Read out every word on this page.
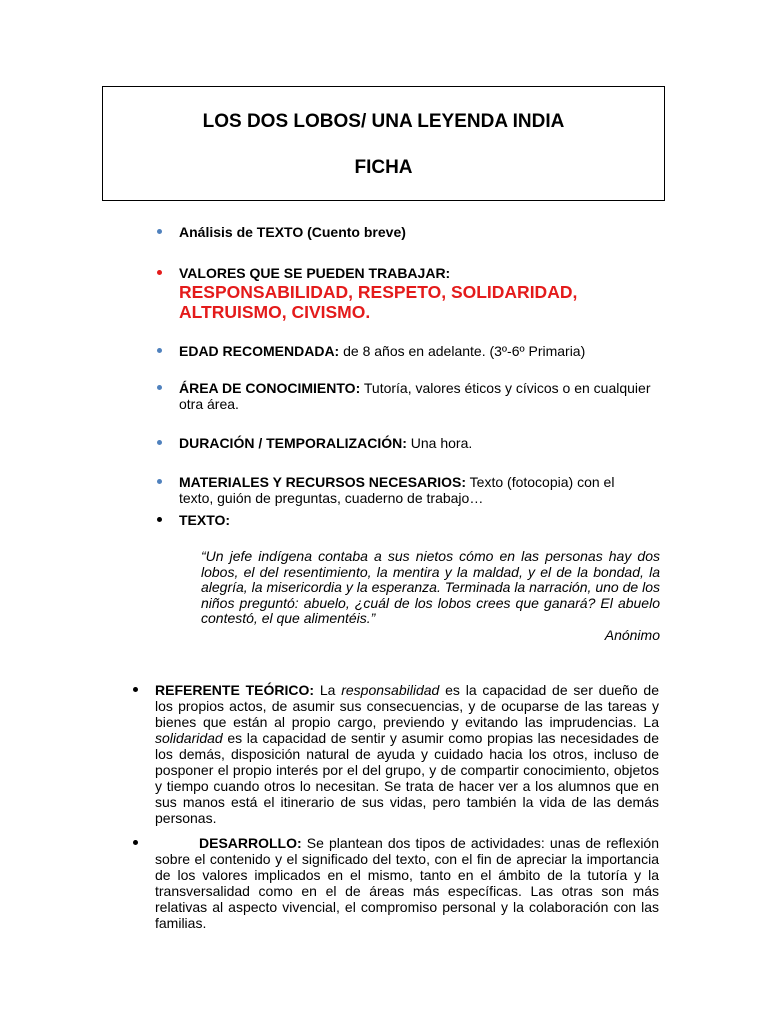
LOS DOS LOBOS/ UNA LEYENDA INDIA
FICHA
Análisis de TEXTO (Cuento breve)
VALORES QUE SE PUEDEN TRABAJAR:
RESPONSABILIDAD, RESPETO, SOLIDARIDAD, ALTRUISMO, CIVISMO.
EDAD RECOMENDADA: de 8 años en adelante. (3º-6º Primaria)
ÁREA DE CONOCIMIENTO: Tutoría, valores éticos y cívicos o en cualquier otra área.
DURACIÓN / TEMPORALIZACIÓN: Una hora.
MATERIALES Y RECURSOS NECESARIOS: Texto (fotocopia) con el texto, guión de preguntas, cuaderno de trabajo…
TEXTO:
“Un jefe indígena contaba a sus nietos cómo en las personas hay dos lobos, el del resentimiento, la mentira y la maldad, y el de la bondad, la alegría, la misericordia y la esperanza. Terminada la narración, uno de los niños preguntó: abuelo, ¿cuál de los lobos crees que ganará? El abuelo contestó, el que alimentéis.”
Anónimo
REFERENTE TEÓRICO: La responsabilidad es la capacidad de ser dueño de los propios actos, de asumir sus consecuencias, y de ocuparse de las tareas y bienes que están al propio cargo, previendo y evitando las imprudencias. La solidaridad es la capacidad de sentir y asumir como propias las necesidades de los demás, disposición natural de ayuda y cuidado hacia los otros, incluso de posponer el propio interés por el del grupo, y de compartir conocimiento, objetos y tiempo cuando otros lo necesitan. Se trata de hacer ver a los alumnos que en sus manos está el itinerario de sus vidas, pero también la vida de las demás personas.
DESARROLLO: Se plantean dos tipos de actividades: unas de reflexión sobre el contenido y el significado del texto, con el fin de apreciar la importancia de los valores implicados en el mismo, tanto en el ámbito de la tutoría y la transversalidad como en el de áreas más específicas. Las otras son más relativas al aspecto vivencial, el compromiso personal y la colaboración con las familias.
